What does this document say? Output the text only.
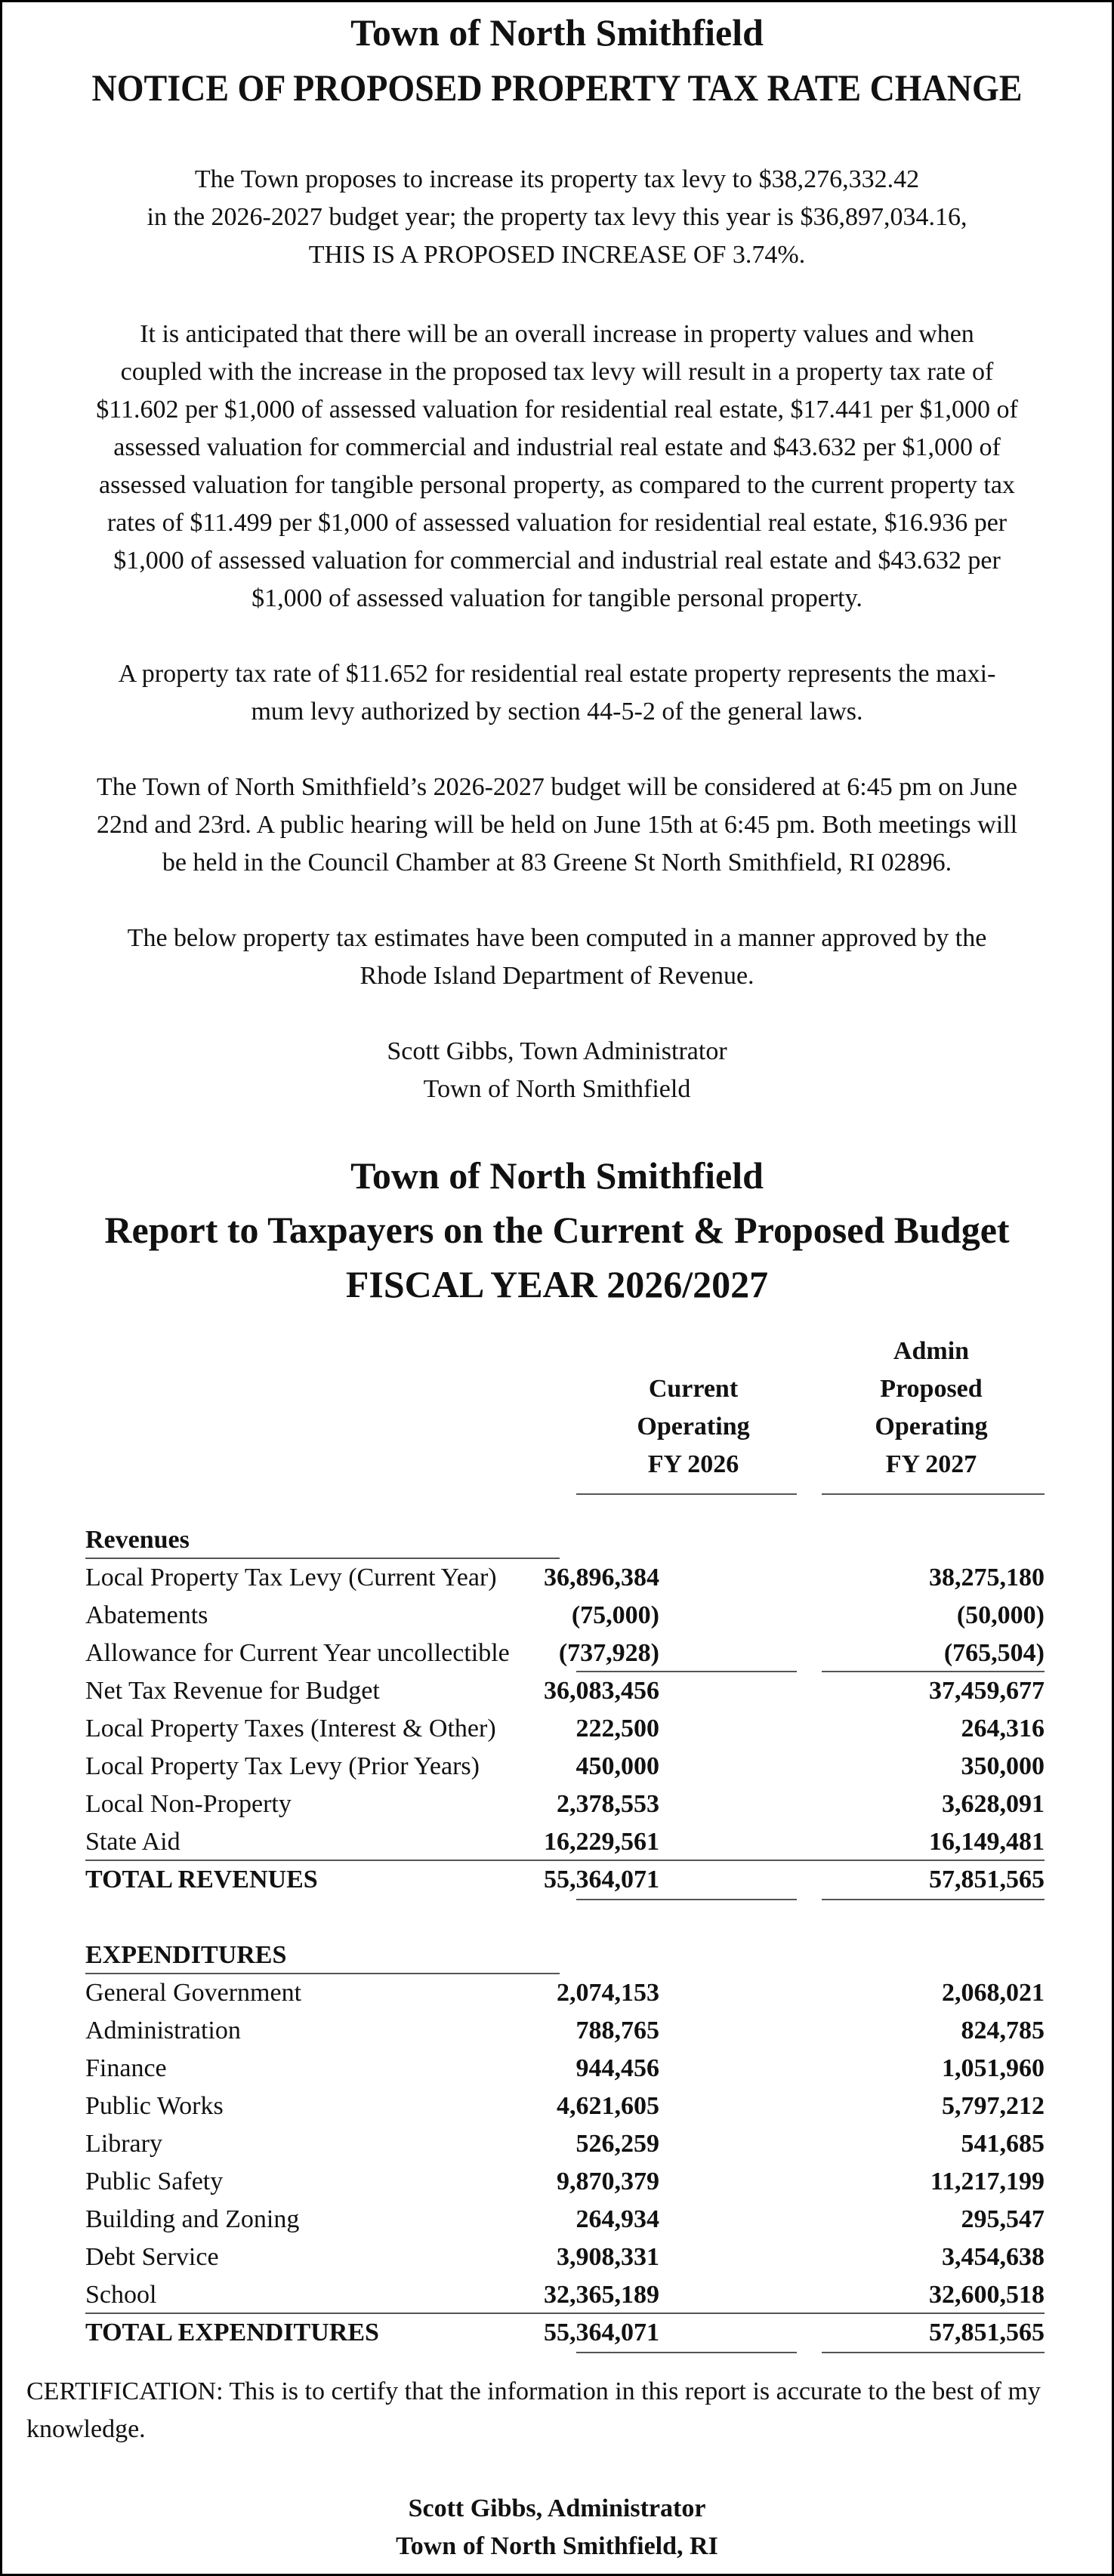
Town of North Smithfield

NOTICE OF PROPOSED PROPERTY TAX RATE CHANGE

The Town proposes to increase its property tax levy to $38,276,332.42

in the 2026-2027 budget year; the property tax levy this year is $36,897,034.16,

THIS IS A PROPOSED INCREASE OF 3.74%.

It is anticipated that there will be an overall increase in property values and when

coupled with the increase in the proposed tax levy will result in a property tax rate of

$11.602 per $1,000 of assessed valuation for residential real estate, $17.441 per $1,000 of

assessed valuation for commercial and industrial real estate and $43.632 per $1,000 of

assessed valuation for tangible personal property, as compared to the current property tax

rates of $11.499 per $1,000 of assessed valuation for residential real estate, $16.936 per

$1,000 of assessed valuation for commercial and industrial real estate and $43.632 per

$1,000 of assessed valuation for tangible personal property.

A property tax rate of $11.652 for residential real estate property represents the maxi-

mum levy authorized by section 44-5-2 of the general laws.

The Town of North Smithfield’s 2026-2027 budget will be considered at 6:45 pm on June

22nd and 23rd. A public hearing will be held on June 15th at 6:45 pm. Both meetings will

be held in the Council Chamber at 83 Greene St North Smithfield, RI 02896.

The below property tax estimates have been computed in a manner approved by the

Rhode Island Department of Revenue.

Scott Gibbs, Town Administrator

Town of North Smithfield

Town of North Smithfield

Report to Taxpayers on the Current & Proposed Budget

FISCAL YEAR 2026/2027

Current
Operating
FY 2026
Admin
Proposed
Operating
FY 2027
Revenues
Local Property Tax Levy (Current Year) 36,896,384	38,275,180
Abatements	(75,000)	(50,000)
Allowance for Current Year uncollectible (737,928)	(765,504)
Net Tax Revenue for Budget	36,083,456	37,459,677
Local Property Taxes (Interest & Other)	222,500	264,316
Local Property Tax Levy (Prior Years)	450,000	350,000
Local Non-Property	2,378,553	3,628,091
State Aid	16,229,561	16,149,481
TOTAL REVENUES	55,364,071	57,851,565
EXPENDITURES
General Government	2,074,153	2,068,021
Administration	788,765	824,785
Finance	944,456	1,051,960
Public Works	4,621,605	5,797,212
Library	526,259	541,685
Public Safety	9,870,379	11,217,199
Building and Zoning	264,934	295,547
Debt Service	3,908,331	3,454,638
School	32,365,189	32,600,518
TOTAL EXPENDITURES	55,364,071	57,851,565
CERTIFICATION: This is to certify that the information in this report is accurate to the best of my knowledge.
Scott Gibbs, Administrator
Town of North Smithfield, RI
